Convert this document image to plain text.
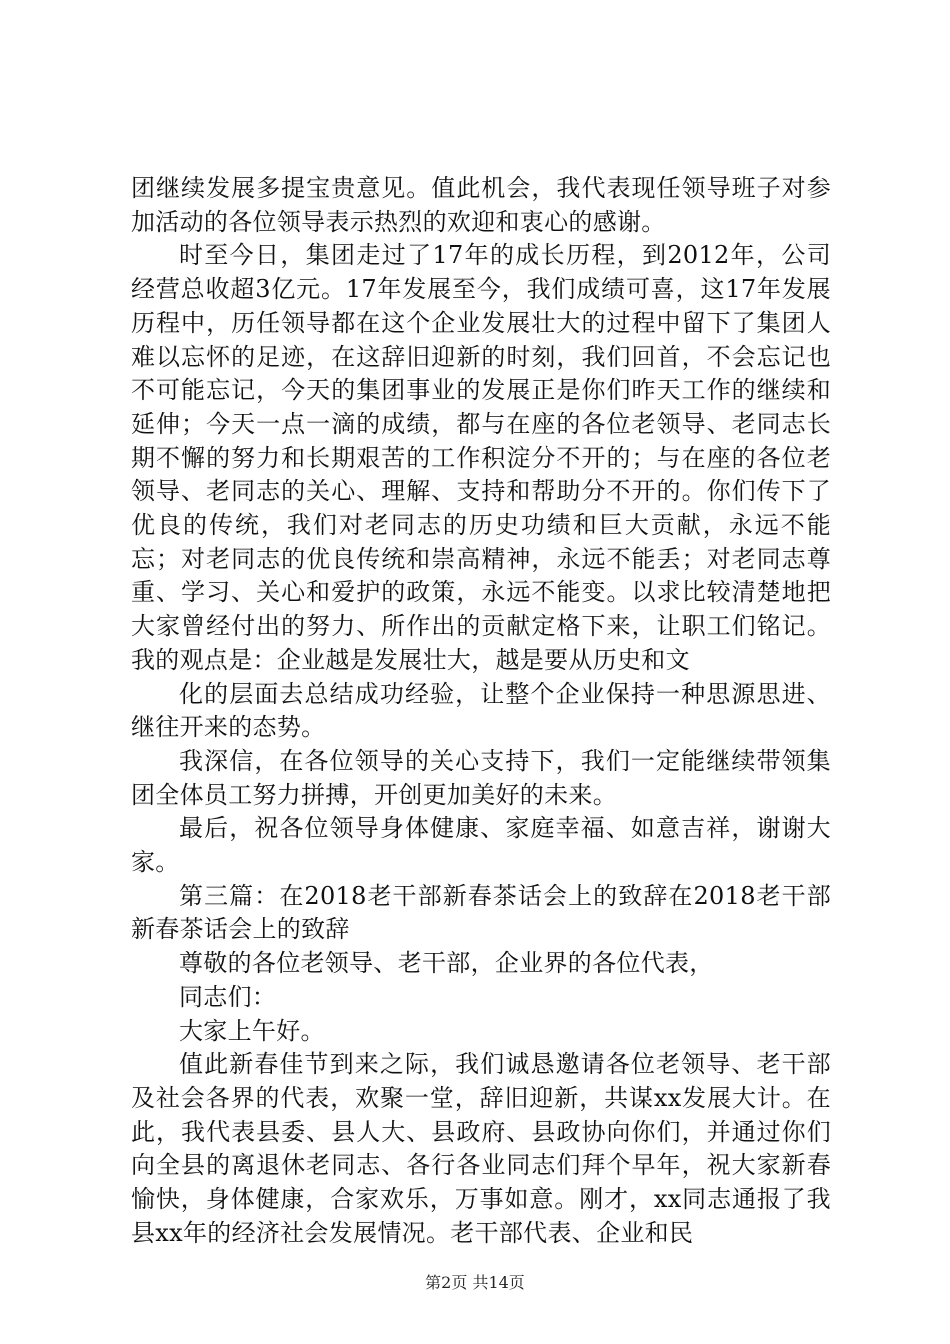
团继续发展多提宝贵意见。值此机会，我代表现任领导班子对参加活动的各位领导表示热烈的欢迎和衷心的感谢。

时至今日，集团走过了17年的成长历程，到2012年，公司经营总收超3亿元。17年发展至今，我们成绩可喜，这17年发展历程中，历任领导都在这个企业发展壮大的过程中留下了集团人难以忘怀的足迹，在这辞旧迎新的时刻，我们回首，不会忘记也不可能忘记，今天的集团事业的发展正是你们昨天工作的继续和延伸；今天一点一滴的成绩，都与在座的各位老领导、老同志长期不懈的努力和长期艰苦的工作积淀分不开的；与在座的各位老领导、老同志的关心、理解、支持和帮助分不开的。你们传下了优良的传统，我们对老同志的历史功绩和巨大贡献，永远不能忘；对老同志的优良传统和崇高精神，永远不能丢；对老同志尊重、学习、关心和爱护的政策，永远不能变。以求比较清楚地把大家曾经付出的努力、所作出的贡献定格下来，让职工们铭记。我的观点是：企业越是发展壮大，越是要从历史和文

化的层面去总结成功经验，让整个企业保持一种思源思进、继往开来的态势。

我深信，在各位领导的关心支持下，我们一定能继续带领集团全体员工努力拼搏，开创更加美好的未来。

最后，祝各位领导身体健康、家庭幸福、如意吉祥，谢谢大家。

第三篇：在2018老干部新春茶话会上的致辞在2018老干部新春茶话会上的致辞

尊敬的各位老领导、老干部，企业界的各位代表，

同志们：

大家上午好。

值此新春佳节到来之际，我们诚恳邀请各位老领导、老干部及社会各界的代表，欢聚一堂，辞旧迎新，共谋xx发展大计。在此，我代表县委、县人大、县政府、县政协向你们，并通过你们向全县的离退休老同志、各行各业同志们拜个早年，祝大家新春愉快，身体健康，合家欢乐，万事如意。刚才，xx同志通报了我县xx年的经济社会发展情况。老干部代表、企业和民

第2页 共14页
